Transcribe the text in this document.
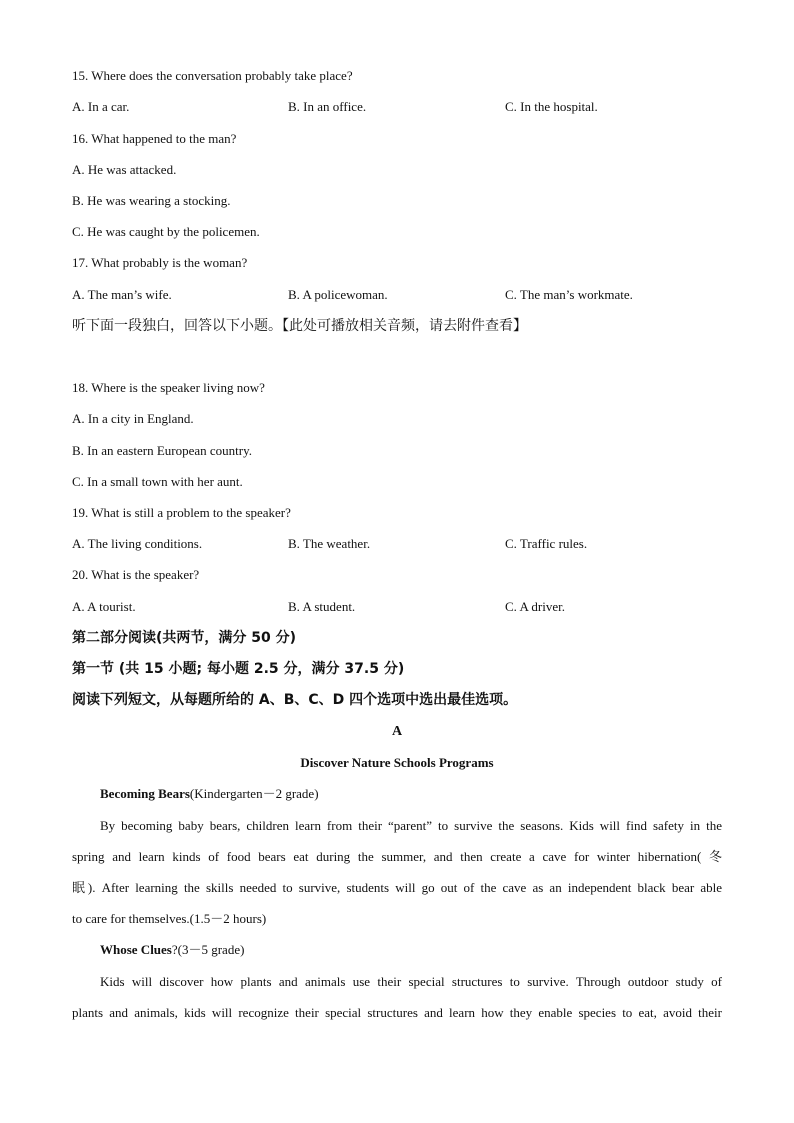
15. Where does the conversation probably take place?
A. In a car.	B. In an office.	C. In the hospital.
16. What happened to the man?
A. He was attacked.
B. He was wearing a stocking.
C. He was caught by the policemen.
17. What probably is the woman?
A. The man’s wife.	B. A policewoman.	C. The man’s workmate.
听下面一段独白，回答以下小题。【此处可播放相关音频，请去附件查看】
18. Where is the speaker living now?
A. In a city in England.
B. In an eastern European country.
C. In a small town with her aunt.
19. What is still a problem to the speaker?
A. The living conditions.	B. The weather.	C. Traffic rules.
20. What is the speaker?
A. A tourist.	B. A student.	C. A driver.
第二部分阅读(共两节，满分 50 分)
第一节 (共 15 小题; 每小题 2.5 分，满分 37.5 分)
阅读下列短文，从每题所给的 A、B、C、D 四个选项中选出最佳选项。
A
Discover Nature Schools Programs
Becoming Bears(Kindergarten－2 grade)
By becoming baby bears, children learn from their “parent” to survive the seasons. Kids will find safety in the
spring and learn kinds of food bears eat during the summer, and then create a cave for winter hibernation( 冬
眠). After learning the skills needed to survive, students will go out of the cave as an independent black bear able
to care for themselves.(1.5－2 hours)
Whose Clues?(3－5 grade)
Kids will discover how plants and animals use their special structures to survive. Through outdoor study of
plants and animals, kids will recognize their special structures and learn how they enable species to eat, avoid their
